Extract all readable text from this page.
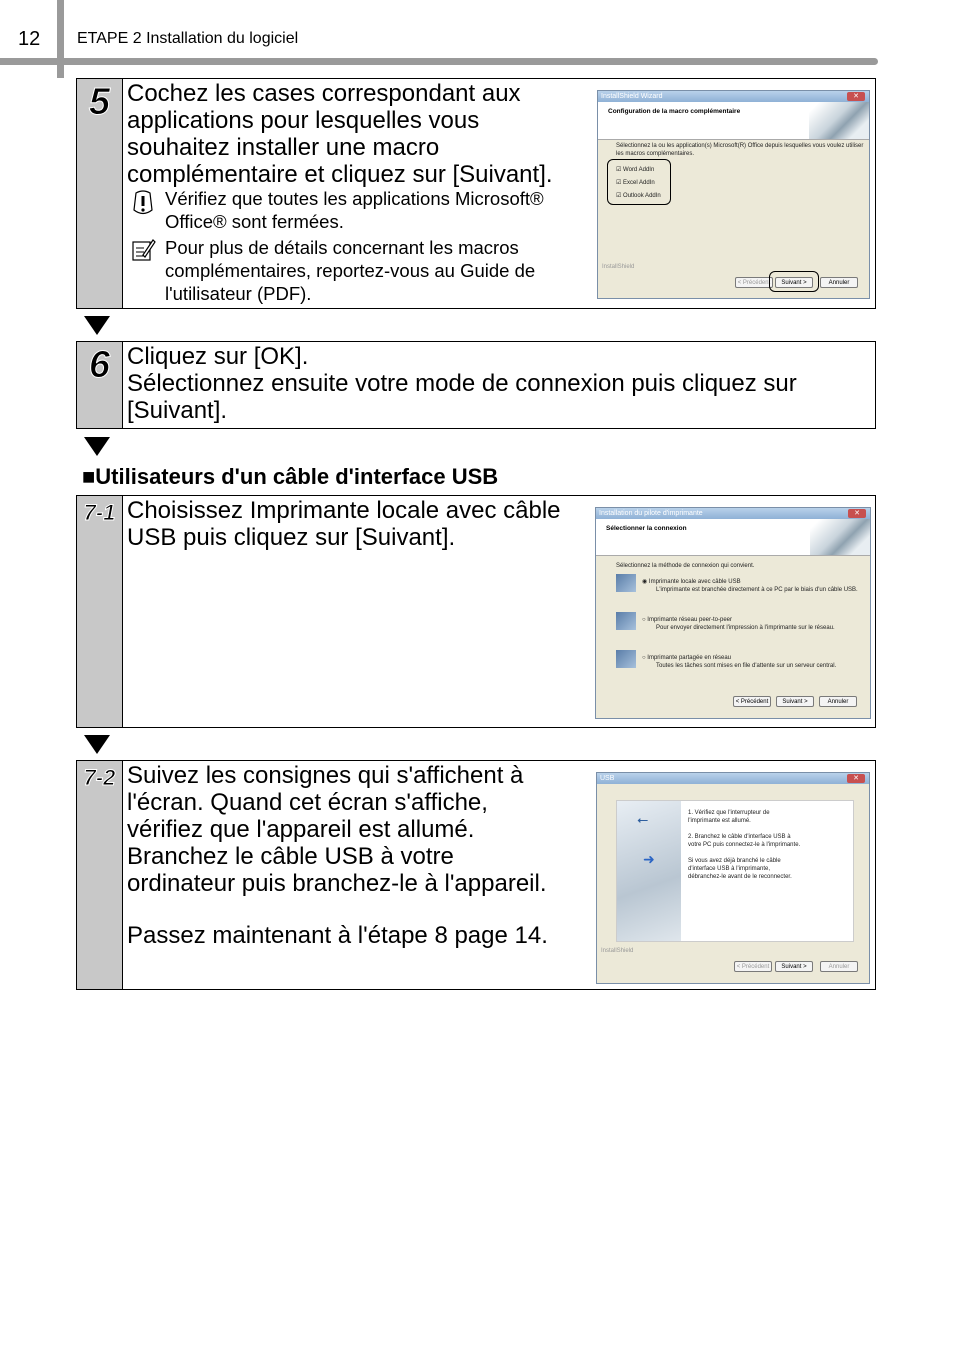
12 ETAPE 2 Installation du logiciel
5 Cochez les cases correspondant aux
applications pour lesquelles vous
souhaitez installer une macro
complémentaire et cliquez sur [Suivant].
Vérifiez que toutes les applications Microsoft®
Office® sont fermées.
Pour plus de détails concernant les macros
complémentaires, reportez-vous au Guide de
l'utilisateur (PDF).
InstallShield Wizard	✕
Configuration de la macro complémentaire
Sélectionnez la ou les application(s) Microsoft(R) Office depuis lesquelles vous voulez utiliser
les macros complémentaires.
☑ Word AddIn
☑ Excel AddIn
☑ Outlook AddIn
InstallShield
< Précédent	Suivant >	Annuler
6 Cliquez sur [OK].
Sélectionnez ensuite votre mode de connexion puis cliquez sur
[Suivant].
■Utilisateurs d'un câble d'interface USB
7-1 Choisissez Imprimante locale avec câble
USB puis cliquez sur [Suivant].
Installation du pilote d'imprimante	✕
Sélectionner la connexion
Sélectionnez la méthode de connexion qui convient.
◉ Imprimante locale avec câble USB
L'imprimante est branchée directement à ce PC par le biais d'un câble USB.
○ Imprimante réseau peer-to-peer
Pour envoyer directement l'impression à l'imprimante sur le réseau.
○ Imprimante partagée en réseau
Toutes les tâches sont mises en file d'attente sur un serveur central.
< Précédent	Suivant >	Annuler
7-2 Suivez les consignes qui s'affichent à
l'écran. Quand cet écran s'affiche,
vérifiez que l'appareil est allumé.
Branchez le câble USB à votre
ordinateur puis branchez-le à l'appareil.
Passez maintenant à l'étape 8 page 14.
USB	✕
⭠
➜
1. Vérifiez que l'interrupteur de
l'imprimante est allumé.
2. Branchez le câble d'interface USB à
votre PC puis connectez-le à l'imprimante.
Si vous avez déjà branché le câble
d'interface USB à l'imprimante,
débranchez-le avant de le reconnecter.
InstallShield
< Précédent	Suivant >	Annuler
